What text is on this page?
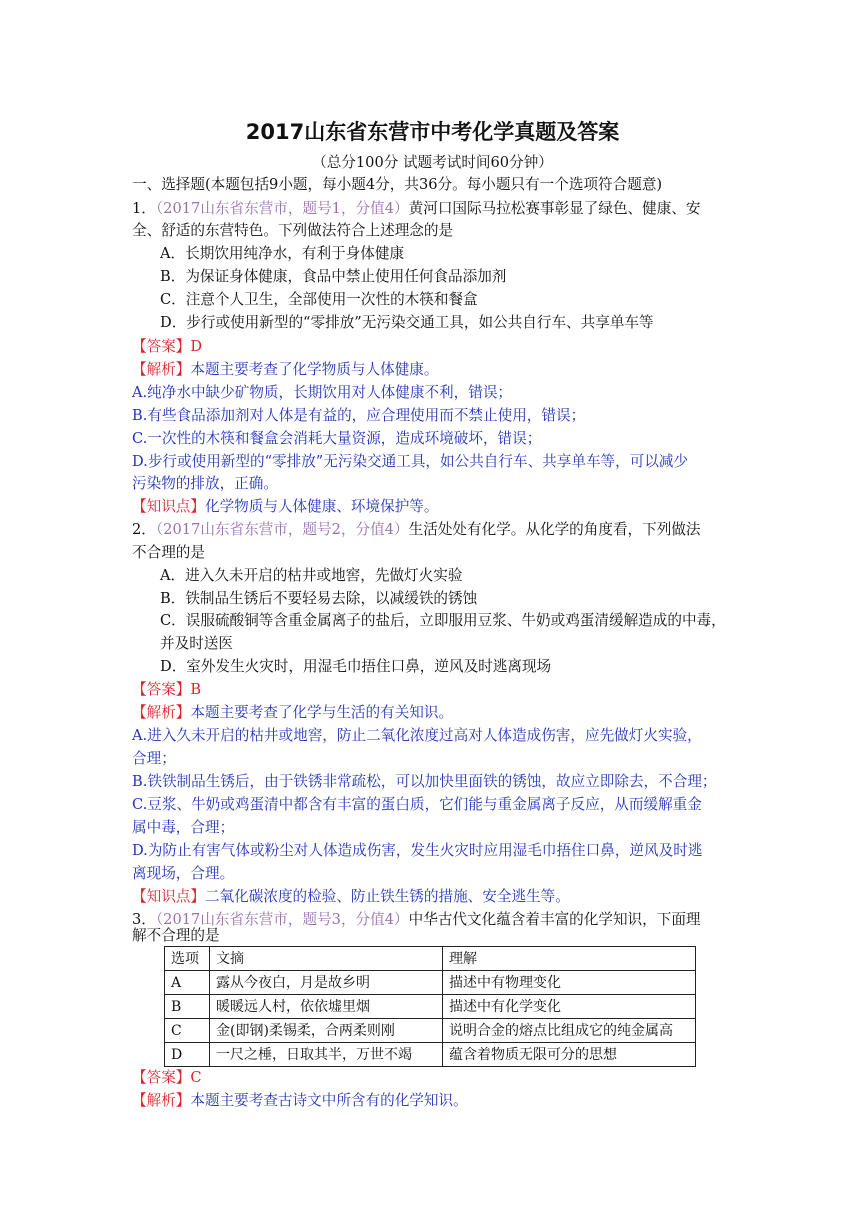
2017山东省东营市中考化学真题及答案
（总分100分 试题考试时间60分钟）
一、选择题(本题包括9小题，每小题4分，共36分。每小题只有一个选项符合题意)
1．（2017山东省东营市，题号1，分值4）黄河口国际马拉松赛事彰显了绿色、健康、安
全、舒适的东营特色。下列做法符合上述理念的是
A．长期饮用纯净水，有利于身体健康
B．为保证身体健康，食品中禁止使用任何食品添加剂
C．注意个人卫生，全部使用一次性的木筷和餐盒
D．步行或使用新型的“零排放”无污染交通工具，如公共自行车、共享单车等
【答案】D
【解析】本题主要考查了化学物质与人体健康。
A.纯净水中缺少矿物质，长期饮用对人体健康不利，错误；
B.有些食品添加剂对人体是有益的，应合理使用而不禁止使用，错误；
C.一次性的木筷和餐盒会消耗大量资源，造成环境破坏，错误；
D.步行或使用新型的“零排放”无污染交通工具，如公共自行车、共享单车等，可以减少
污染物的排放，正确。
【知识点】化学物质与人体健康、环境保护等。
2．（2017山东省东营市，题号2，分值4）生活处处有化学。从化学的角度看，下列做法
不合理的是
A．进入久未开启的枯井或地窖，先做灯火实验
B．铁制品生锈后不要轻易去除，以减缓铁的锈蚀
C．误服硫酸铜等含重金属离子的盐后，立即服用豆浆、牛奶或鸡蛋清缓解造成的中毒，
并及时送医
D．室外发生火灾时，用湿毛巾捂住口鼻，逆风及时逃离现场
【答案】B
【解析】本题主要考查了化学与生活的有关知识。
A.进入久未开启的枯井或地窖，防止二氧化浓度过高对人体造成伤害，应先做灯火实验，
合理；
B.铁铁制品生锈后，由于铁锈非常疏松，可以加快里面铁的锈蚀，故应立即除去，不合理；
C.豆浆、牛奶或鸡蛋清中都含有丰富的蛋白质，它们能与重金属离子反应，从而缓解重金
属中毒，合理；
D.为防止有害气体或粉尘对人体造成伤害，发生火灾时应用湿毛巾捂住口鼻，逆风及时逃
离现场，合理。
【知识点】二氧化碳浓度的检验、防止铁生锈的措施、安全逃生等。
3．（2017山东省东营市，题号3，分值4）中华古代文化蕴含着丰富的化学知识，下面理
解不合理的是
选项	文摘	理解
A	露从今夜白，月是故乡明	描述中有物理变化
B	暖暖远人村，依依墟里烟	描述中有化学变化
C	金(即钢)柔锡柔，合两柔则刚	说明合金的熔点比组成它的纯金属高
D	一尺之棰，日取其半，万世不竭	蕴含着物质无限可分的思想
【答案】C
【解析】本题主要考查古诗文中所含有的化学知识。
